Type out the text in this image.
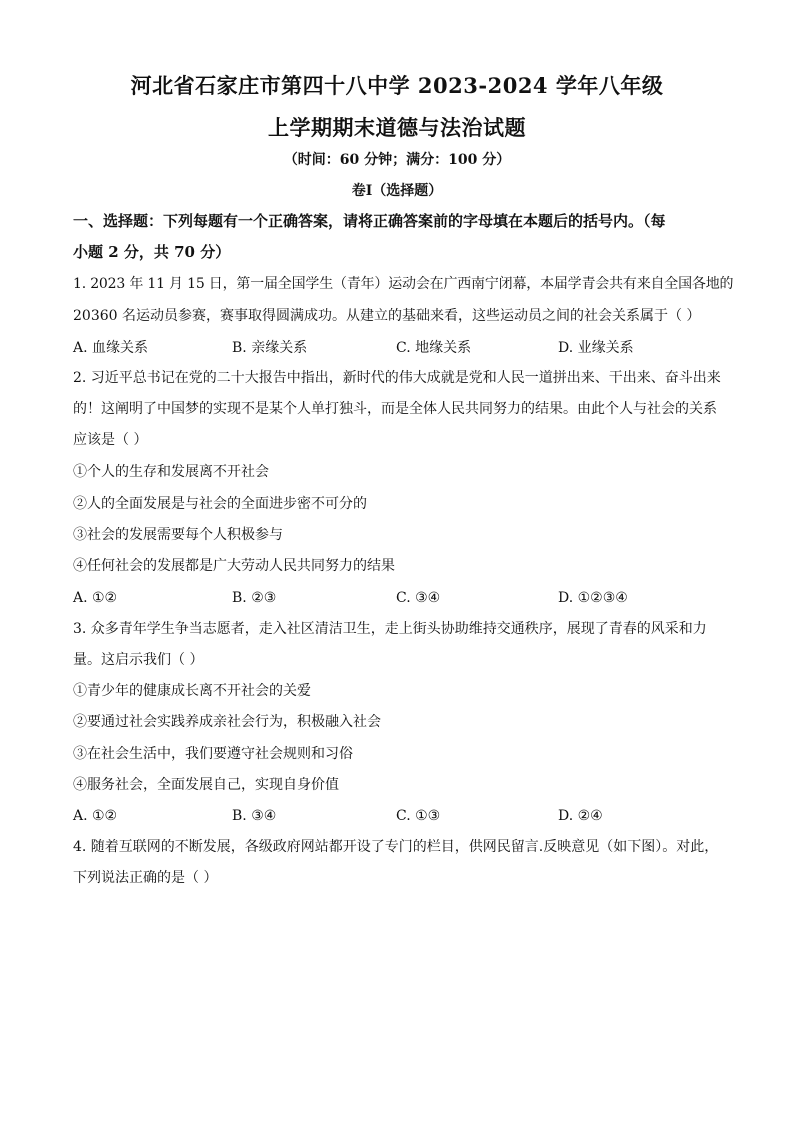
河北省石家庄市第四十八中学 2023-2024 学年八年级
上学期期末道德与法治试题
（时间：60 分钟；满分：100 分）
卷Ⅰ（选择题）
一、选择题：下列每题有一个正确答案，请将正确答案前的字母填在本题后的括号内。（每
小题 2 分，共 70 分）
1. 2023 年 11 月 15 日，第一届全国学生（青年）运动会在广西南宁闭幕，本届学青会共有来自全国各地的
20360 名运动员参赛，赛事取得圆满成功。从建立的基础来看，这些运动员之间的社会关系属于（ ）
A. 血缘关系	B. 亲缘关系	C. 地缘关系	D. 业缘关系
2. 习近平总书记在党的二十大报告中指出，新时代的伟大成就是党和人民一道拼出来、干出来、奋斗出来
的！这阐明了中国梦的实现不是某个人单打独斗，而是全体人民共同努力的结果。由此个人与社会的关系
应该是（ ）
①个人的生存和发展离不开社会
②人的全面发展是与社会的全面进步密不可分的
③社会的发展需要每个人积极参与
④任何社会的发展都是广大劳动人民共同努力的结果
A. ①②	B. ②③	C. ③④	D. ①②③④
3. 众多青年学生争当志愿者，走入社区清洁卫生，走上街头协助维持交通秩序，展现了青春的风采和力
量。这启示我们（ ）
①青少年的健康成长离不开社会的关爱
②要通过社会实践养成亲社会行为，积极融入社会
③在社会生活中，我们要遵守社会规则和习俗
④服务社会，全面发展自己，实现自身价值
A. ①②	B. ③④	C. ①③	D. ②④
4. 随着互联网的不断发展，各级政府网站都开设了专门的栏目，供网民留言.反映意见（如下图）。对此，
下列说法正确的是（ ）
